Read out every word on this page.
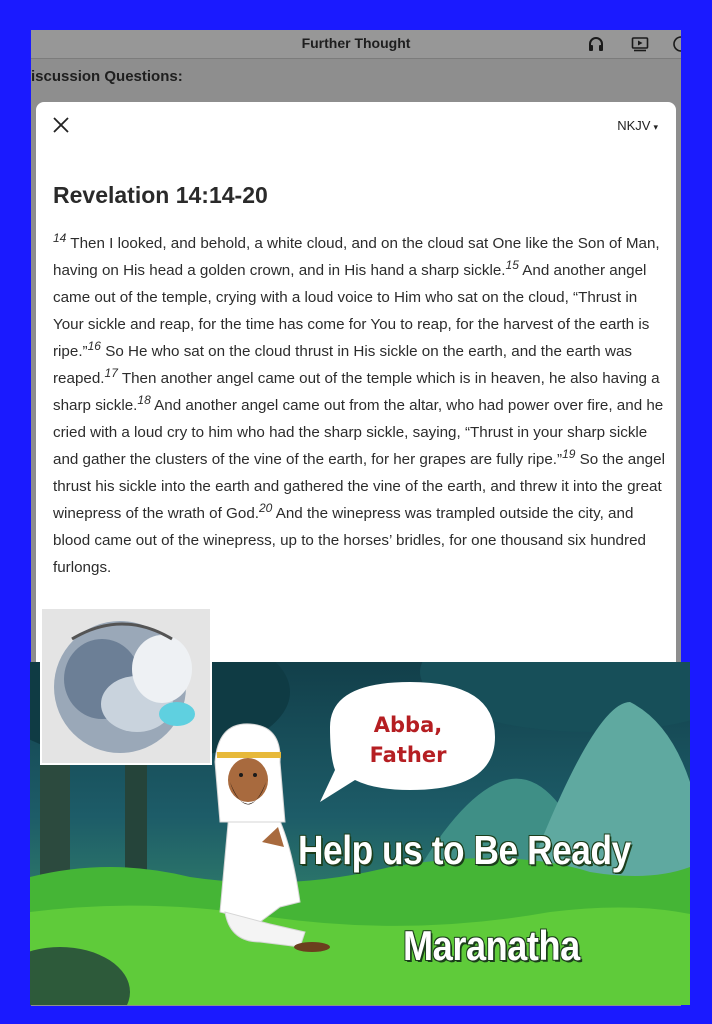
Further Thought
iscussion Questions:
NKJV ▾
Revelation 14:14-20

$^{14}$ Then I looked, and behold, a white cloud, and on the cloud sat One like the Son of Man, having on His head a golden crown, and in His hand a sharp sickle.$^{15}$ And another angel came out of the temple, crying with a loud voice to Him who sat on the cloud, “Thrust in Your sickle and reap, for the time has come for You to reap, for the harvest of the earth is ripe.”$^{16}$ So He who sat on the cloud thrust in His sickle on the earth, and the earth was reaped.$^{17}$ Then another angel came out of the temple which is in heaven, he also having a sharp sickle.$^{18}$ And another angel came out from the altar, who had power over fire, and he cried with a loud cry to him who had the sharp sickle, saying, “Thrust in your sharp sickle and gather the clusters of the vine of the earth, for her grapes are fully ripe.”$^{19}$ So the angel thrust his sickle into the earth and gathered the vine of the earth, and threw it into the great winepress of the wrath of God.$^{20}$ And the winepress was trampled outside the city, and blood came out of the winepress, up to the horses’ bridles, for one thousand six hundred furlongs.

Abba,
Father
Help us to Be Ready
Maranatha
